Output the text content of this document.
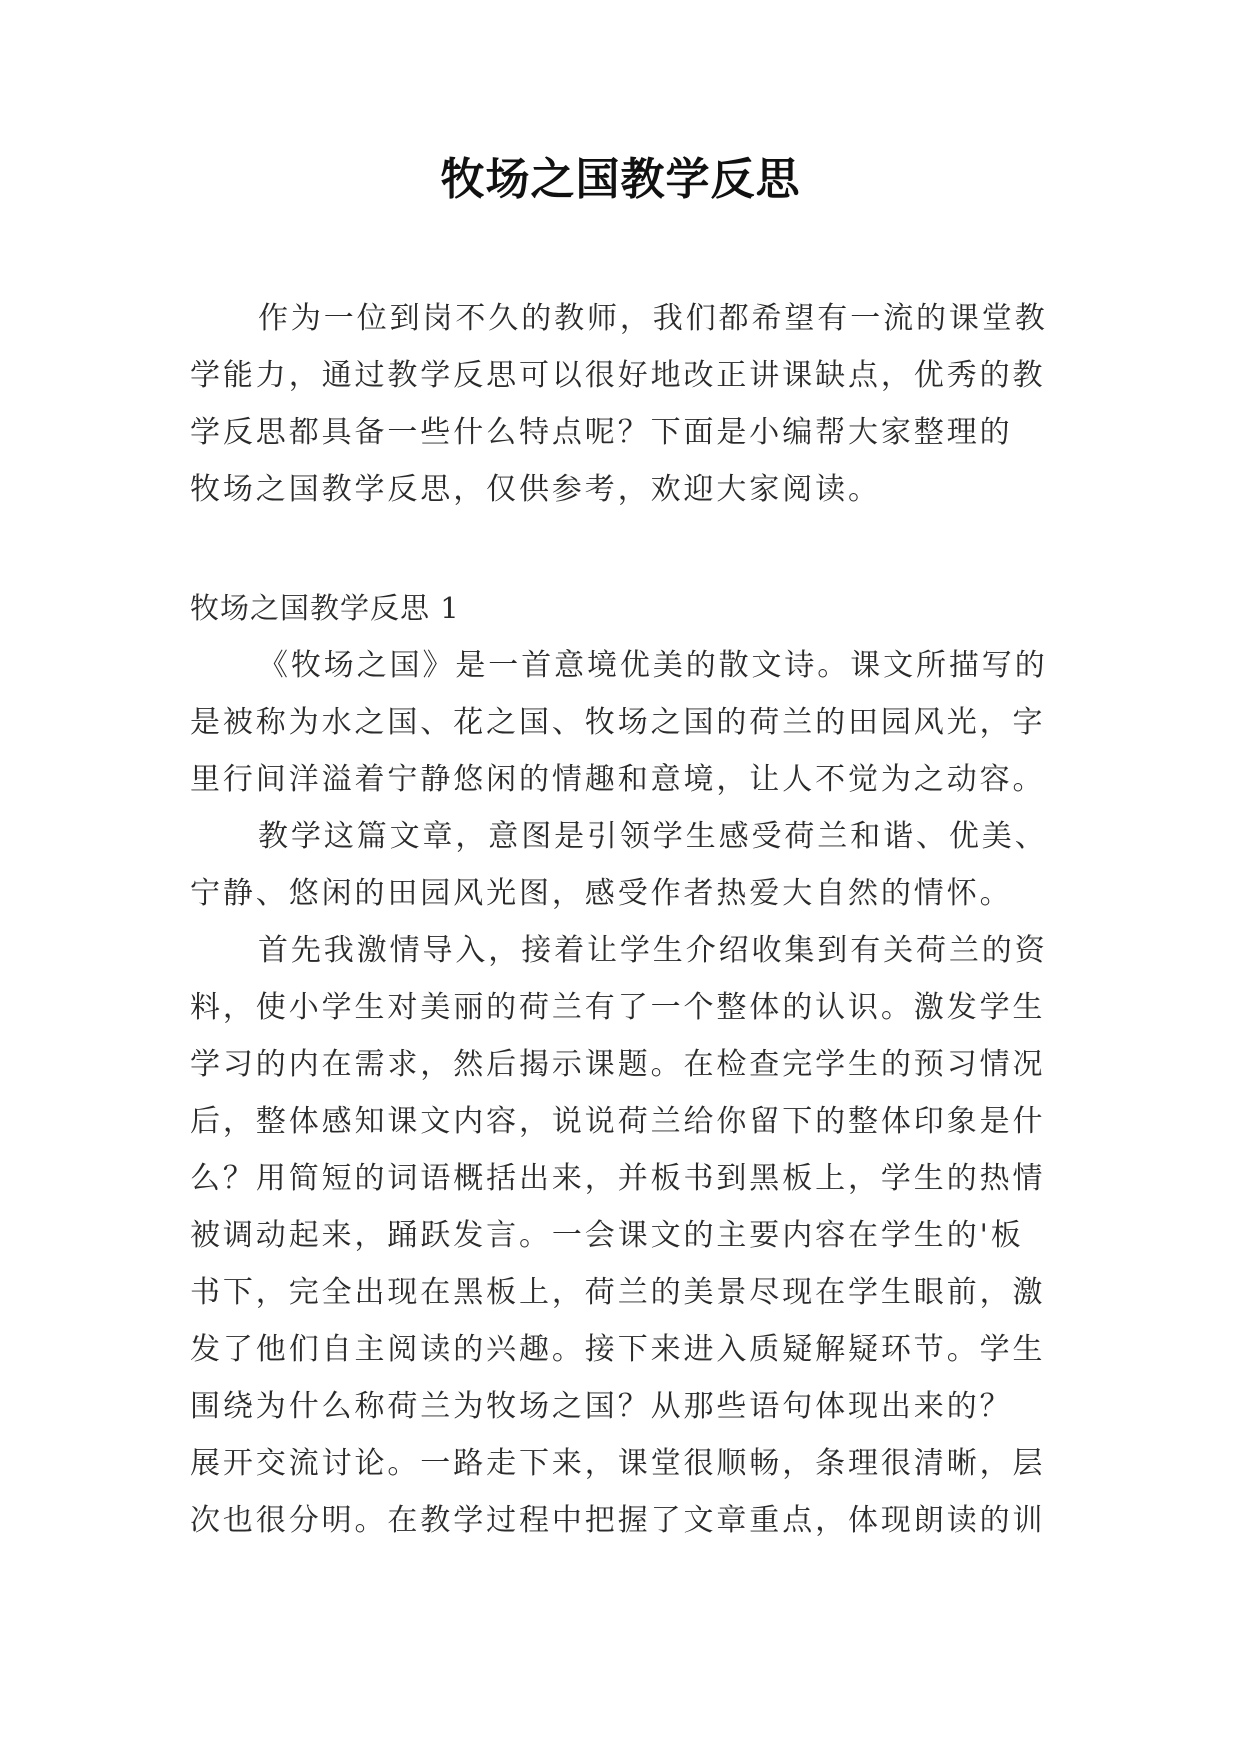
牧场之国教学反思
作为一位到岗不久的教师，我们都希望有一流的课堂教
学能力，通过教学反思可以很好地改正讲课缺点，优秀的教
学反思都具备一些什么特点呢？下面是小编帮大家整理的
牧场之国教学反思，仅供参考，欢迎大家阅读。
牧场之国教学反思 1
《牧场之国》是一首意境优美的散文诗。课文所描写的
是被称为水之国、花之国、牧场之国的荷兰的田园风光，字
里行间洋溢着宁静悠闲的情趣和意境，让人不觉为之动容。
教学这篇文章，意图是引领学生感受荷兰和谐、优美、
宁静、悠闲的田园风光图，感受作者热爱大自然的情怀。
首先我激情导入，接着让学生介绍收集到有关荷兰的资
料，使小学生对美丽的荷兰有了一个整体的认识。激发学生
学习的内在需求，然后揭示课题。在检查完学生的预习情况
后，整体感知课文内容，说说荷兰给你留下的整体印象是什
么？用简短的词语概括出来，并板书到黑板上，学生的热情
被调动起来，踊跃发言。一会课文的主要内容在学生的'板
书下，完全出现在黑板上，荷兰的美景尽现在学生眼前，激
发了他们自主阅读的兴趣。接下来进入质疑解疑环节。学生
围绕为什么称荷兰为牧场之国？从那些语句体现出来的？
展开交流讨论。一路走下来，课堂很顺畅，条理很清晰，层
次也很分明。在教学过程中把握了文章重点，体现朗读的训
